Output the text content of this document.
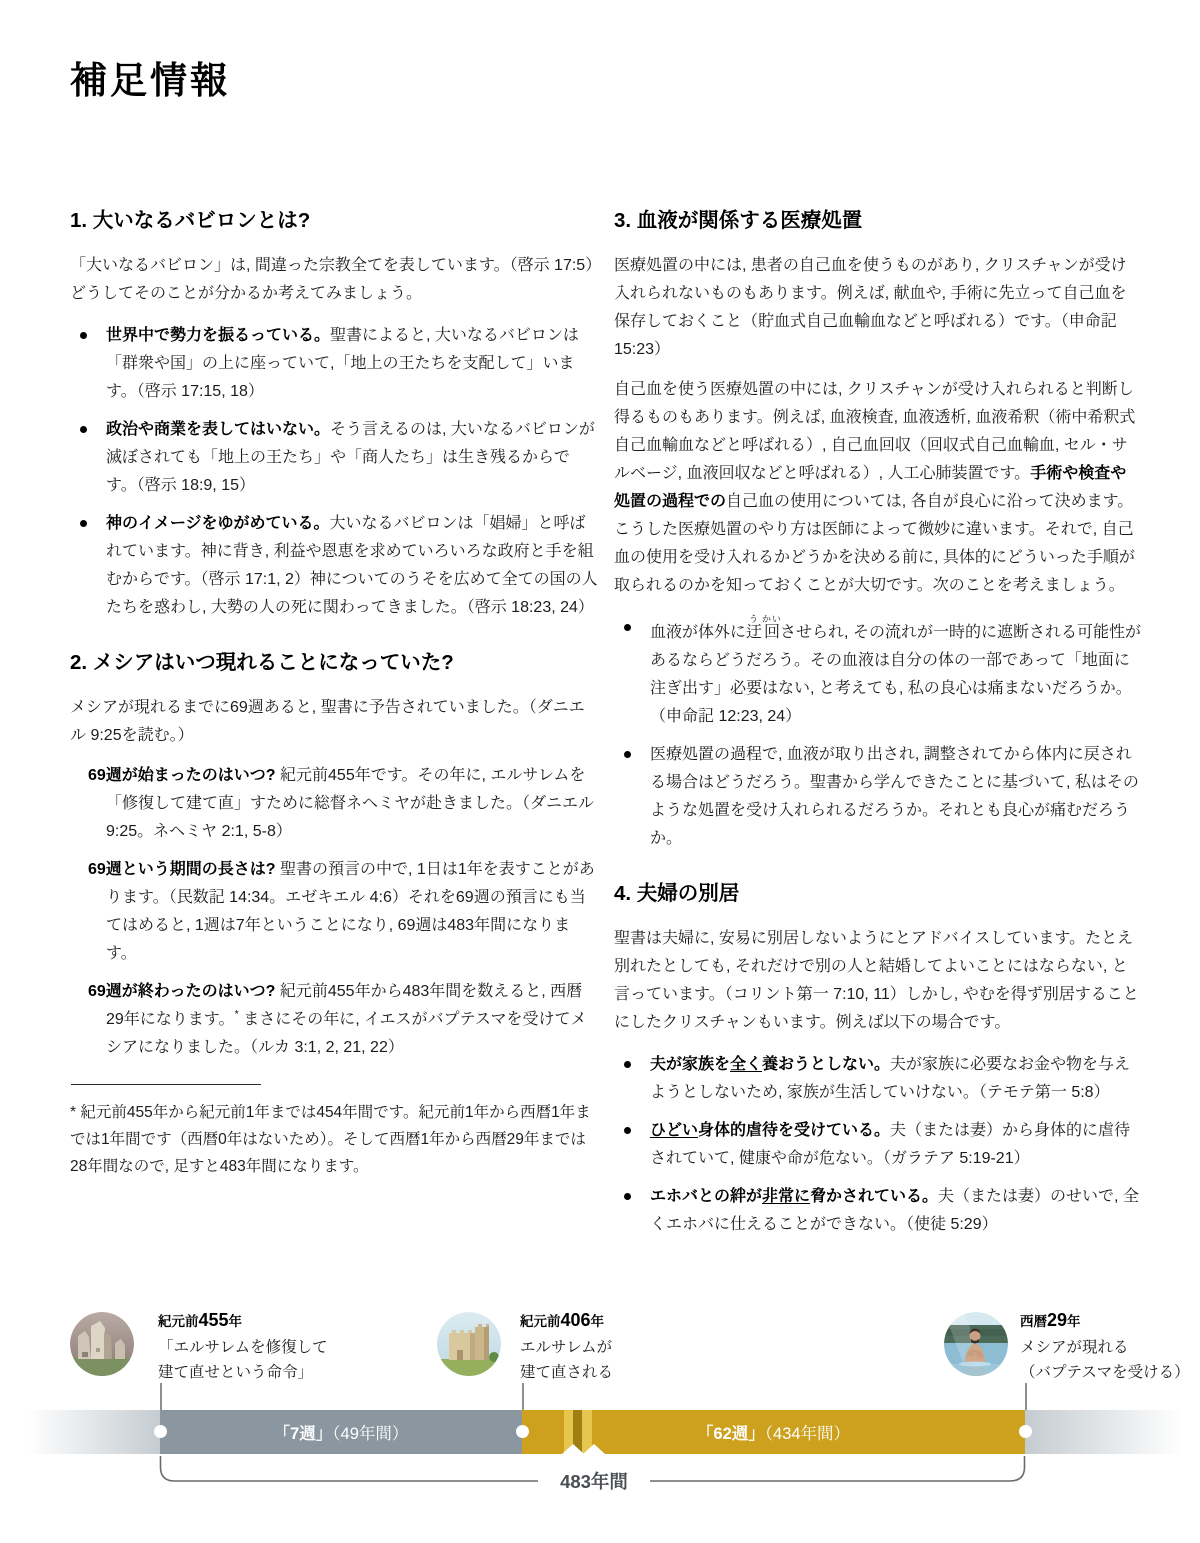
補足情報
1. 大いなるバビロンとは?

「大いなるバビロン」は, 間違った宗教全てを表しています。（啓示 17:5）どうしてそのことが分かるか考えてみましょう。

世界中で勢力を振るっている。聖書によると, 大いなるバビロンは「群衆や国」の上に座っていて,「地上の王たちを支配して」います。（啓示 17:15, 18）
政治や商業を表してはいない。そう言えるのは, 大いなるバビロンが滅ぼされても「地上の王たち」や「商人たち」は生き残るからです。（啓示 18:9, 15）
神のイメージをゆがめている。大いなるバビロンは「娼婦」と呼ばれています。神に背き, 利益や恩恵を求めていろいろな政府と手を組むからです。（啓示 17:1, 2）神についてのうそを広めて全ての国の人たちを惑わし, 大勢の人の死に関わってきました。（啓示 18:23, 24）
2. メシアはいつ現れることになっていた?

メシアが現れるまでに69週あると, 聖書に予告されていました。（ダニエル 9:25を読む。）

69週が始まったのはいつ? 紀元前455年です。その年に, エルサレムを「修復して建て直」すために総督ネヘミヤが赴きました。（ダニエル 9:25。ネヘミヤ 2:1, 5-8）
69週という期間の長さは? 聖書の預言の中で, 1日は1年を表すことがあります。（民数記 14:34。エゼキエル 4:6）それを69週の預言にも当てはめると, 1週は7年ということになり, 69週は483年間になります。
69週が終わったのはいつ? 紀元前455年から483年間を数えると, 西暦29年になります。* まさにその年に, イエスがバプテスマを受けてメシアになりました。（ルカ 3:1, 2, 21, 22）

* 紀元前455年から紀元前1年までは454年間です。紀元前1年から西暦1年までは1年間です（西暦0年はないため）。そして西暦1年から西暦29年までは28年間なので, 足すと483年間になります。

3. 血液が関係する医療処置

医療処置の中には, 患者の自己血を使うものがあり, クリスチャンが受け入れられないものもあります。例えば, 献血や, 手術に先立って自己血を保存しておくこと（貯血式自己血輸血などと呼ばれる）です。（申命記 15:23）

自己血を使う医療処置の中には, クリスチャンが受け入れられると判断し得るものもあります。例えば, 血液検査, 血液透析, 血液希釈（術中希釈式自己血輸血などと呼ばれる）, 自己血回収（回収式自己血輸血, セル・サルベージ, 血液回収などと呼ばれる）, 人工心肺装置です。手術や検査や処置の過程での自己血の使用については, 各自が良心に沿って決めます。こうした医療処置のやり方は医師によって微妙に違います。それで, 自己血の使用を受け入れるかどうかを決める前に, 具体的にどういった手順が取られるのかを知っておくことが大切です。次のことを考えましょう。

血液が体外に迂う回かいさせられ, その流れが一時的に遮断される可能性があるならどうだろう。その血液は自分の体の一部であって「地面に注ぎ出す」必要はない, と考えても, 私の良心は痛まないだろうか。（申命記 12:23, 24）
医療処置の過程で, 血液が取り出され, 調整されてから体内に戻される場合はどうだろう。聖書から学んできたことに基づいて, 私はそのような処置を受け入れられるだろうか。それとも良心が痛むだろうか。
4. 夫婦の別居

聖書は夫婦に, 安易に別居しないようにとアドバイスしています。たとえ別れたとしても, それだけで別の人と結婚してよいことにはならない, と言っています。（コリント第一 7:10, 11）しかし, やむを得ず別居することにしたクリスチャンもいます。例えば以下の場合です。

夫が家族を全く養おうとしない。夫が家族に必要なお金や物を与えようとしないため, 家族が生活していけない。（テモテ第一 5:8）
ひどい身体的虐待を受けている。夫（または妻）から身体的に虐待されていて, 健康や命が危ない。（ガラテア 5:19-21）
エホバとの絆が非常に脅かされている。夫（または妻）のせいで, 全くエホバに仕えることができない。（使徒 5:29）
紀元前455年
「エルサレムを修復して
建て直せという命令」
紀元前406年
エルサレムが
建て直される
西暦29年
メシアが現れる
（バプテスマを受ける）
「7週」（49年間）	「62週」（434年間）
483年間
